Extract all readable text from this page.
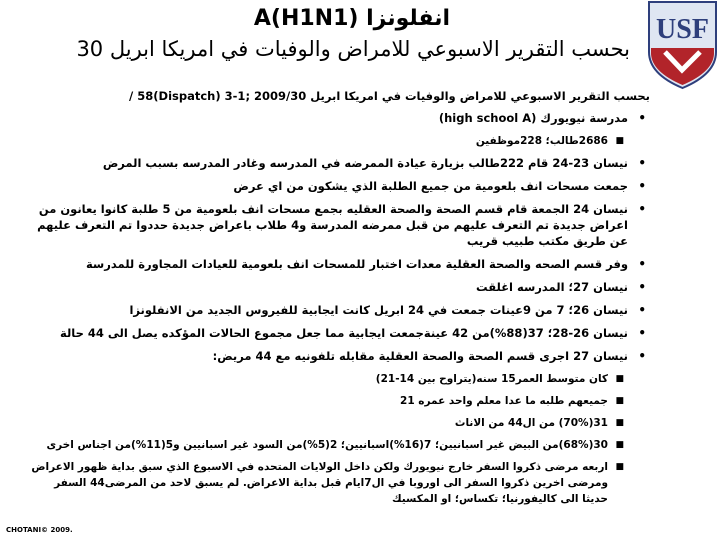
USF
انفلونزا A(H1N1)
بحسب التقرير الاسبوعي للامراض والوفيات في امريكا ابريل 30

بحسب التقرير الاسبوعي للامراض والوفيات في امريكا ابريل 2009/30 ;1-3 (Dispatch)58 /

•
مدرسة نيويورك (high school A)

■
2686طالب؛ 228موظفين

•
نيسان 23-24 قام 222طالب بزيارة عيادة الممرضه في المدرسه وغادر المدرسه بسبب المرض

•
جمعت مسحات انف بلعومية من جميع الطلبة الذي يشكون من اي عرض

•
نيسان 24 الجمعة قام قسم الصحة والصحة العقليه بجمع مسحات انف بلعومية من 5 طلبة كانوا يعانون من اعراض جديدة تم التعرف عليهم من قبل ممرضه المدرسة و4 طلاب باعراض جديدة حددوا تم التعرف عليهم عن طريق مكتب طبيب قريب

•
وفر قسم الصحه والصحة العقلية معدات اختبار للمسحات انف بلعومية للعيادات المجاورة للمدرسة

•
نيسان 27؛ المدرسه اغلقت

•
نيسان 26؛ 7 من 9عينات جمعت في 24 ابريل كانت ايجابية للفيروس الجديد من الانفلونزا

•
نيسان 26-28؛ 37(88%)من 42 عينةجمعت ايجابية مما جعل مجموع الحالات المؤكده يصل الى 44 حالة

•
نيسان 27 اجرى قسم الصحة والصحة العقلية مقابله تلفونيه مع 44 مريض:

■
كان متوسط العمر15 سنه(يتراوح بين 14-21)

■
جميعهم طلبه ما عدا معلم واحد عمره 21

■
31(70%) من ال44 من الاناث

■
30(68%)من البيض غير اسبانيين؛ 7(16%)اسبانيين؛ 2(5%)من السود غير اسبانيين و5(11%)من اجناس اخرى

■
اربعه مرضى ذكروا السفر خارج نيويورك ولكن داخل الولايات المتحده في الاسبوع الذي سبق بداية ظهور الاعراض ومرضى اخرين ذكروا السفر الى اوروبا في ال7ايام قبل بداية الاعراض. لم يسبق لاحد من المرضى44 السفر حديثا الى كاليفورنيا؛ تكساس؛ او المكسيك

CHOTANI© 2009.
